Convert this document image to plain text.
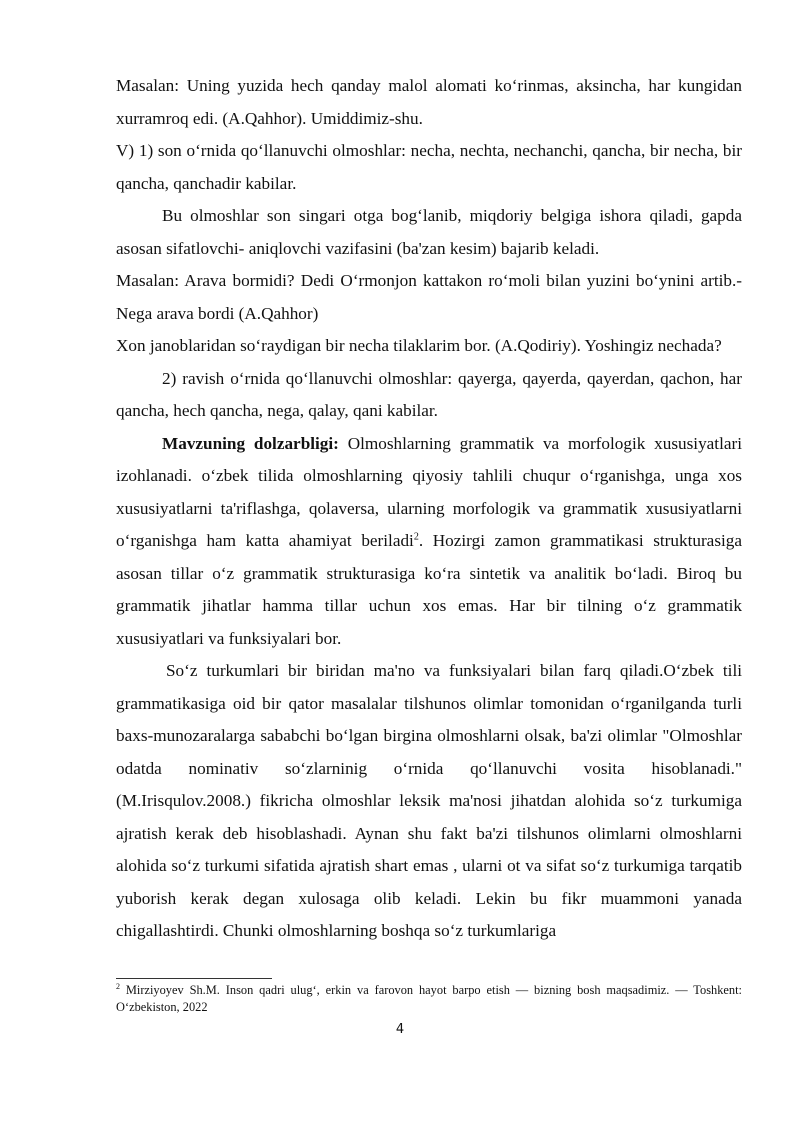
Masalan: Uning yuzida hech qanday malol alomati ko‘rinmas, aksincha, har kungidan xurramroq edi. (A.Qahhor). Umiddimiz-shu.

V) 1) son o‘rnida qo‘llanuvchi olmoshlar: necha, nechta, nechanchi, qancha, bir necha, bir qancha, qanchadir kabilar.

Bu olmoshlar son singari otga bog‘lanib, miqdoriy belgiga ishora qiladi, gapda asosan sifatlovchi- aniqlovchi vazifasini (ba'zan kesim) bajarib keladi.

Masalan: Arava bormidi? Dedi O‘rmonjon kattakon ro‘moli bilan yuzini bo‘ynini artib.-Nega arava bordi (A.Qahhor)

Xon janoblaridan so‘raydigan bir necha tilaklarim bor. (A.Qodiriy). Yoshingiz nechada?

2) ravish o‘rnida qo‘llanuvchi olmoshlar: qayerga, qayerda, qayerdan, qachon, har qancha, hech qancha, nega, qalay, qani kabilar.

Mavzuning dolzarbligi: Olmoshlarning grammatik va morfologik xususiyatlari izohlanadi. o‘zbek tilida olmoshlarning qiyosiy tahlili chuqur o‘rganishga, unga xos xususiyatlarni ta'riflashga, qolaversa, ularning morfologik va grammatik xususiyatlarni o‘rganishga ham katta ahamiyat beriladi$^2$. Hozirgi zamon grammatikasi strukturasiga asosan tillar o‘z grammatik strukturasiga ko‘ra sintetik va analitik bo‘ladi. Biroq bu grammatik jihatlar hamma tillar uchun xos emas. Har bir tilning o‘z grammatik xususiyatlari va funksiyalari bor.

So‘z turkumlari bir biridan ma'no va funksiyalari bilan farq qiladi.O‘zbek tili grammatikasiga oid bir qator masalalar tilshunos olimlar tomonidan o‘rganilganda turli baxs-munozaralarga sababchi bo‘lgan birgina olmoshlarni olsak, ba'zi olimlar "Olmoshlar odatda nominativ so‘zlarninig o‘rnida qo‘llanuvchi vosita hisoblanadi." (M.Irisqulov.2008.) fikricha olmoshlar leksik ma'nosi jihatdan alohida so‘z turkumiga ajratish kerak deb hisoblashadi. Aynan shu fakt ba'zi tilshunos olimlarni olmoshlarni alohida so‘z turkumi sifatida ajratish shart emas , ularni ot va sifat so‘z turkumiga tarqatib yuborish kerak degan xulosaga olib keladi. Lekin bu fikr muammoni yanada chigallashtirdi. Chunki olmoshlarning boshqa so‘z turkumlariga

$^2$ Mirziyoyev Sh.M. Inson qadri ulug‘, erkin va farovon hayot barpo etish — bizning bosh maqsadimiz. — Toshkent: O‘zbekiston, 2022
4
